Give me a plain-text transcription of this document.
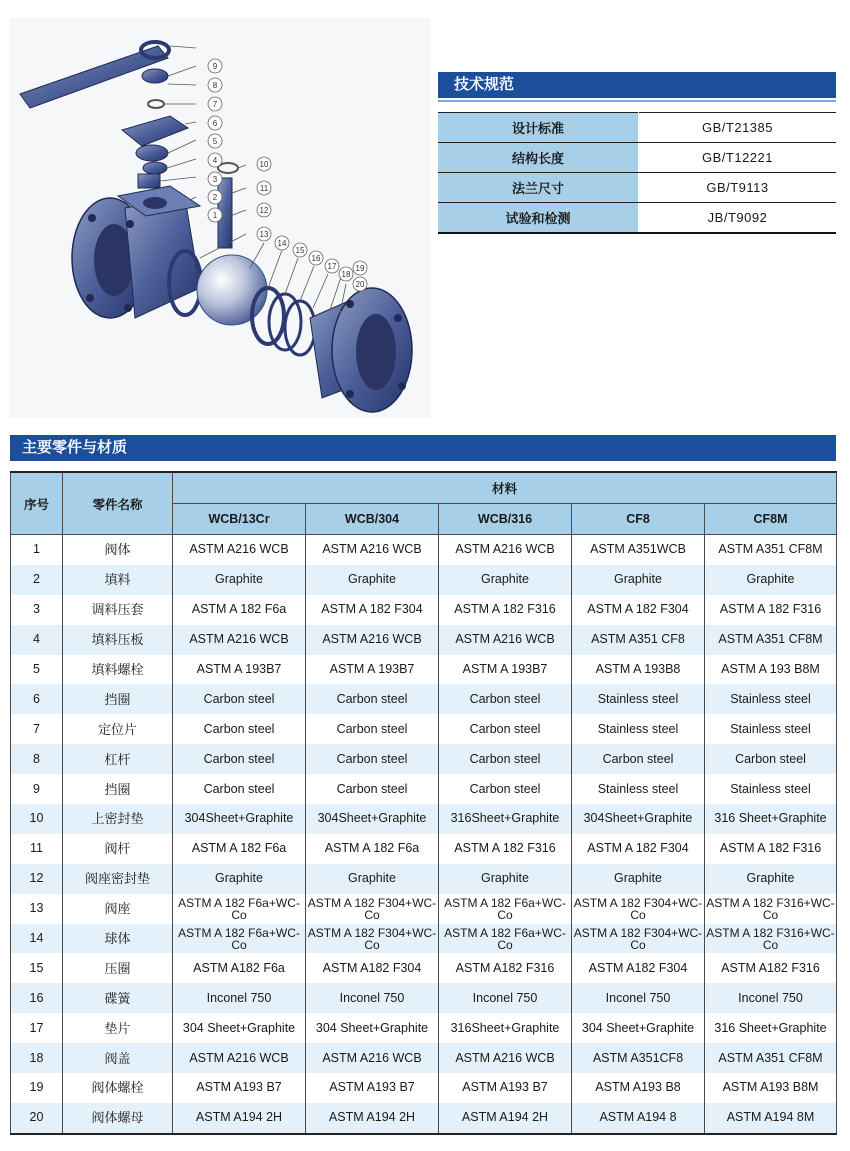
1
2
3
4
5
6
7
8
9
10
11
12
13
14
15
16
17
18
19
20
技术规范
设计标准	GB/T21385
结构长度	GB/T12221
法兰尺寸	GB/T9113
试验和检测	JB/T9092
主要零件与材质
序号	零件名称	材料				
		WCB/13Cr	WCB/304	WCB/316	CF8	CF8M
1	阀体	ASTM A216 WCB	ASTM A216 WCB	ASTM A216 WCB	ASTM A351WCB	ASTM A351 CF8M
2	填料	Graphite	Graphite	Graphite	Graphite	Graphite
3	调料压套	ASTM A 182 F6a	ASTM A 182 F304	ASTM A 182 F316	ASTM A 182 F304	ASTM A 182 F316
4	填料压板	ASTM A216 WCB	ASTM A216 WCB	ASTM A216 WCB	ASTM A351 CF8	ASTM A351 CF8M
5	填料螺栓	ASTM A 193B7	ASTM A 193B7	ASTM A 193B7	ASTM A 193B8	ASTM A 193 B8M
6	挡圈	Carbon steel	Carbon steel	Carbon steel	Stainless steel	Stainless steel
7	定位片	Carbon steel	Carbon steel	Carbon steel	Stainless steel	Stainless steel
8	杠杆	Carbon steel	Carbon steel	Carbon steel	Carbon steel	Carbon steel
9	挡圈	Carbon steel	Carbon steel	Carbon steel	Stainless steel	Stainless steel
10	上密封垫	304Sheet+Graphite	304Sheet+Graphite	316Sheet+Graphite	304Sheet+Graphite	316 Sheet+Graphite
11	阀杆	ASTM A 182 F6a	ASTM A 182 F6a	ASTM A 182 F316	ASTM A 182 F304	ASTM A 182 F316
12	阀座密封垫	Graphite	Graphite	Graphite	Graphite	Graphite
13	阀座	ASTM A 182 F6a+WC-Co	ASTM A 182 F304+WC-Co	ASTM A 182 F6a+WC-Co	ASTM A 182 F304+WC-Co	ASTM A 182 F316+WC-Co
14	球体	ASTM A 182 F6a+WC-Co	ASTM A 182 F304+WC-Co	ASTM A 182 F6a+WC-Co	ASTM A 182 F304+WC-Co	ASTM A 182 F316+WC-Co
15	压圈	ASTM A182 F6a	ASTM A182 F304	ASTM A182 F316	ASTM A182 F304	ASTM A182 F316
16	碟簧	Inconel 750	Inconel 750	Inconel 750	Inconel 750	Inconel 750
17	垫片	304 Sheet+Graphite	304 Sheet+Graphite	316Sheet+Graphite	304 Sheet+Graphite	316 Sheet+Graphite
18	阀盖	ASTM A216 WCB	ASTM A216 WCB	ASTM A216 WCB	ASTM A351CF8	ASTM A351 CF8M
19	阀体螺栓	ASTM A193 B7	ASTM A193 B7	ASTM A193 B7	ASTM A193 B8	ASTM A193 B8M
20	阀体螺母	ASTM A194 2H	ASTM A194 2H	ASTM A194 2H	ASTM A194 8	ASTM A194 8M
